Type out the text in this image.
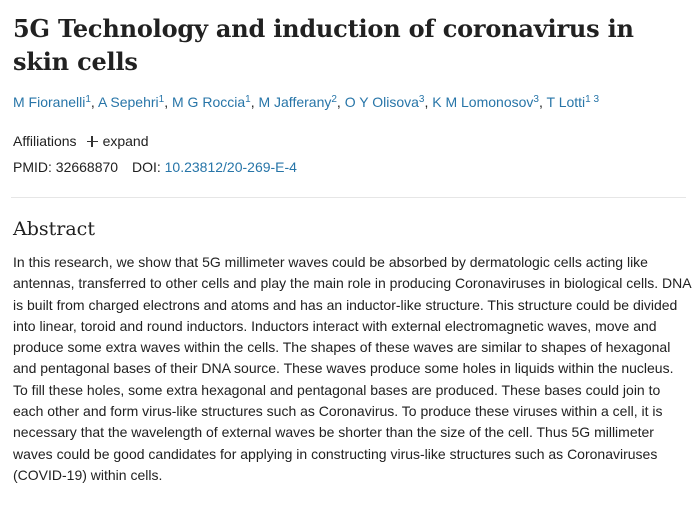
5G Technology and induction of coronavirus in skin cells
M Fioranelli$^1$, A Sepehri$^1$, M G Roccia$^1$, M Jafferany$^2$, O Y Olisova$^3$, K M Lomonosov$^3$, T Lotti$^{1 3}$
Affiliations expand
PMID: 32668870 DOI: 10.23812/20-269-E-4
Abstract
In this research, we show that 5G millimeter waves could be absorbed by dermatologic cells acting like antennas, transferred to other cells and play the main role in producing Coronaviruses in biological cells. DNA is built from charged electrons and atoms and has an inductor-like structure. This structure could be divided into linear, toroid and round inductors. Inductors interact with external electromagnetic waves, move and produce some extra waves within the cells. The shapes of these waves are similar to shapes of hexagonal and pentagonal bases of their DNA source. These waves produce some holes in liquids within the nucleus. To fill these holes, some extra hexagonal and pentagonal bases are produced. These bases could join to each other and form virus-like structures such as Coronavirus. To produce these viruses within a cell, it is necessary that the wavelength of external waves be shorter than the size of the cell. Thus 5G millimeter waves could be good candidates for applying in constructing virus-like structures such as Coronaviruses (COVID-19) within cells.
